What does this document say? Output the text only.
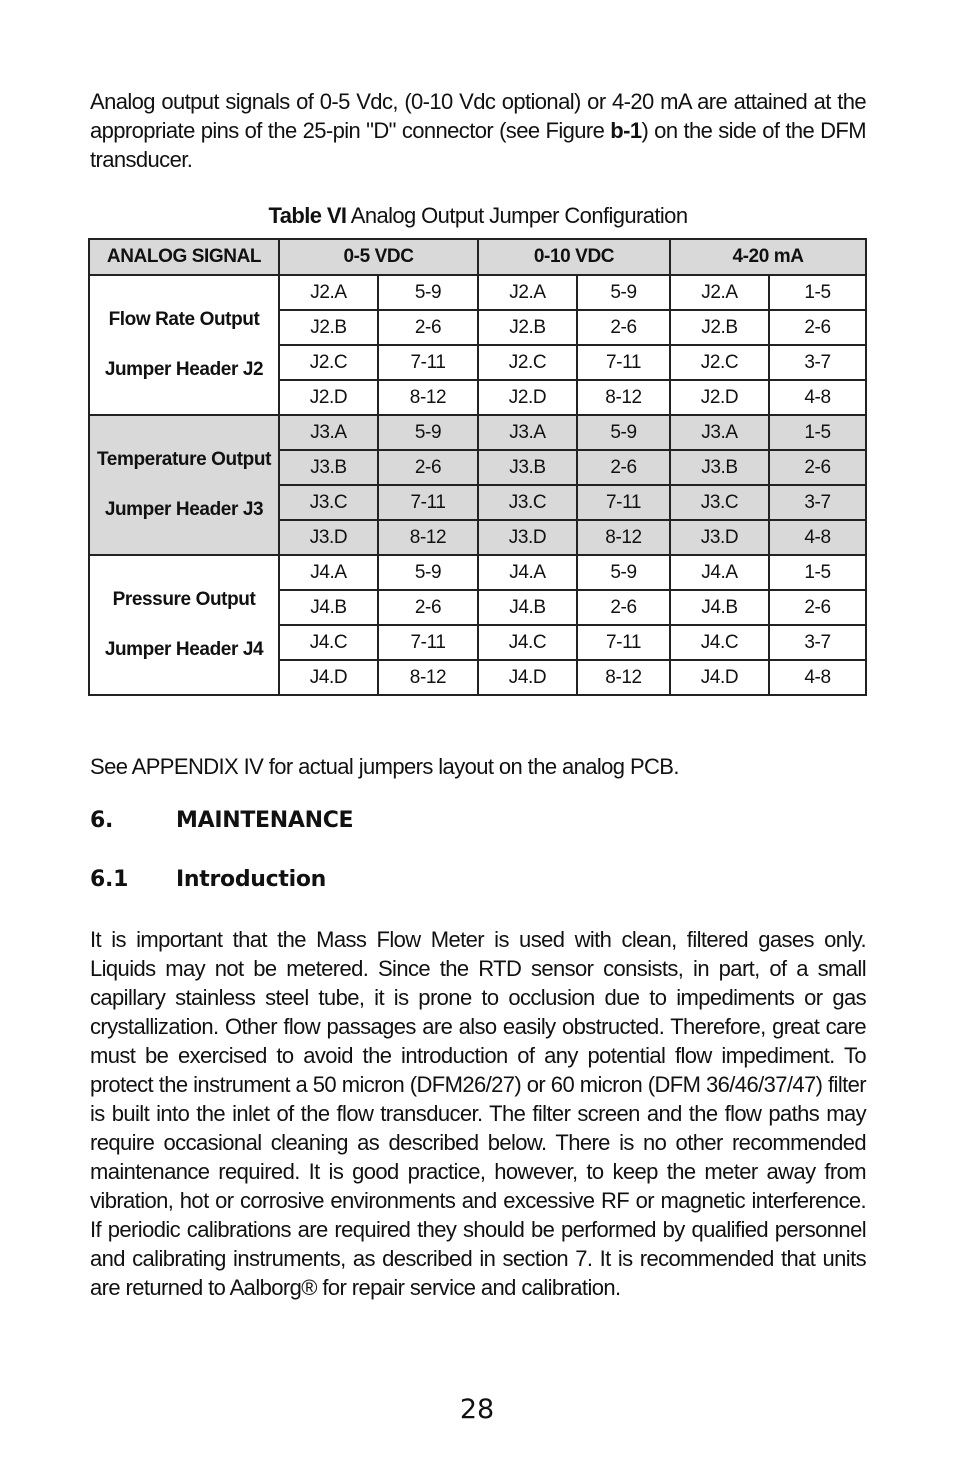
Analog output signals of 0-5 Vdc, (0-10 Vdc optional) or 4-20 mA are attained at the appropriate pins of the 25-pin "D" connector (see Figure b-1) on the side of the DFM transducer.

Table VI Analog Output Jumper Configuration
ANALOG SIGNAL	0-5 VDC		0-10 VDC		4-20 mA	

Flow Rate Output
Jumper Header J2	J2.A	5-9	J2.A	5-9	J2.A	1-5
	J2.B	2-6	J2.B	2-6	J2.B	2-6
	J2.C	7-11	J2.C	7-11	J2.C	3-7
	J2.D	8-12	J2.D	8-12	J2.D	4-8

Temperature Output
Jumper Header J3	J3.A	5-9	J3.A	5-9	J3.A	1-5
	J3.B	2-6	J3.B	2-6	J3.B	2-6
	J3.C	7-11	J3.C	7-11	J3.C	3-7
	J3.D	8-12	J3.D	8-12	J3.D	4-8

Pressure Output
Jumper Header J4	J4.A	5-9	J4.A	5-9	J4.A	1-5
	J4.B	2-6	J4.B	2-6	J4.B	2-6
	J4.C	7-11	J4.C	7-11	J4.C	3-7
	J4.D	8-12	J4.D	8-12	J4.D	4-8

See APPENDIX IV for actual jumpers layout on the analog PCB.

6.	MAINTENANCE
6.1 Introduction

It is important that the Mass Flow Meter is used with clean, filtered gases only. Liquids may not be metered. Since the RTD sensor consists, in part, of a small capillary stainless steel tube, it is prone to occlusion due to impediments or gas crystallization. Other flow passages are also easily obstructed. Therefore, great care must be exercised to avoid the introduction of any potential flow impediment. To protect the instrument a 50 micron (DFM26/27) or 60 micron (DFM 36/46/37/47) filter is built into the inlet of the flow transducer. The filter screen and the flow paths may require occasional cleaning as described below. There is no other recommended maintenance required. It is good practice, however, to keep the meter away from vibration, hot or corrosive environments and excessive RF or magnetic interference. If periodic calibrations are required they should be performed by qualified personnel and calibrating instruments, as described in section 7. It is recommended that units are returned to Aalborg® for repair service and calibration.

28
